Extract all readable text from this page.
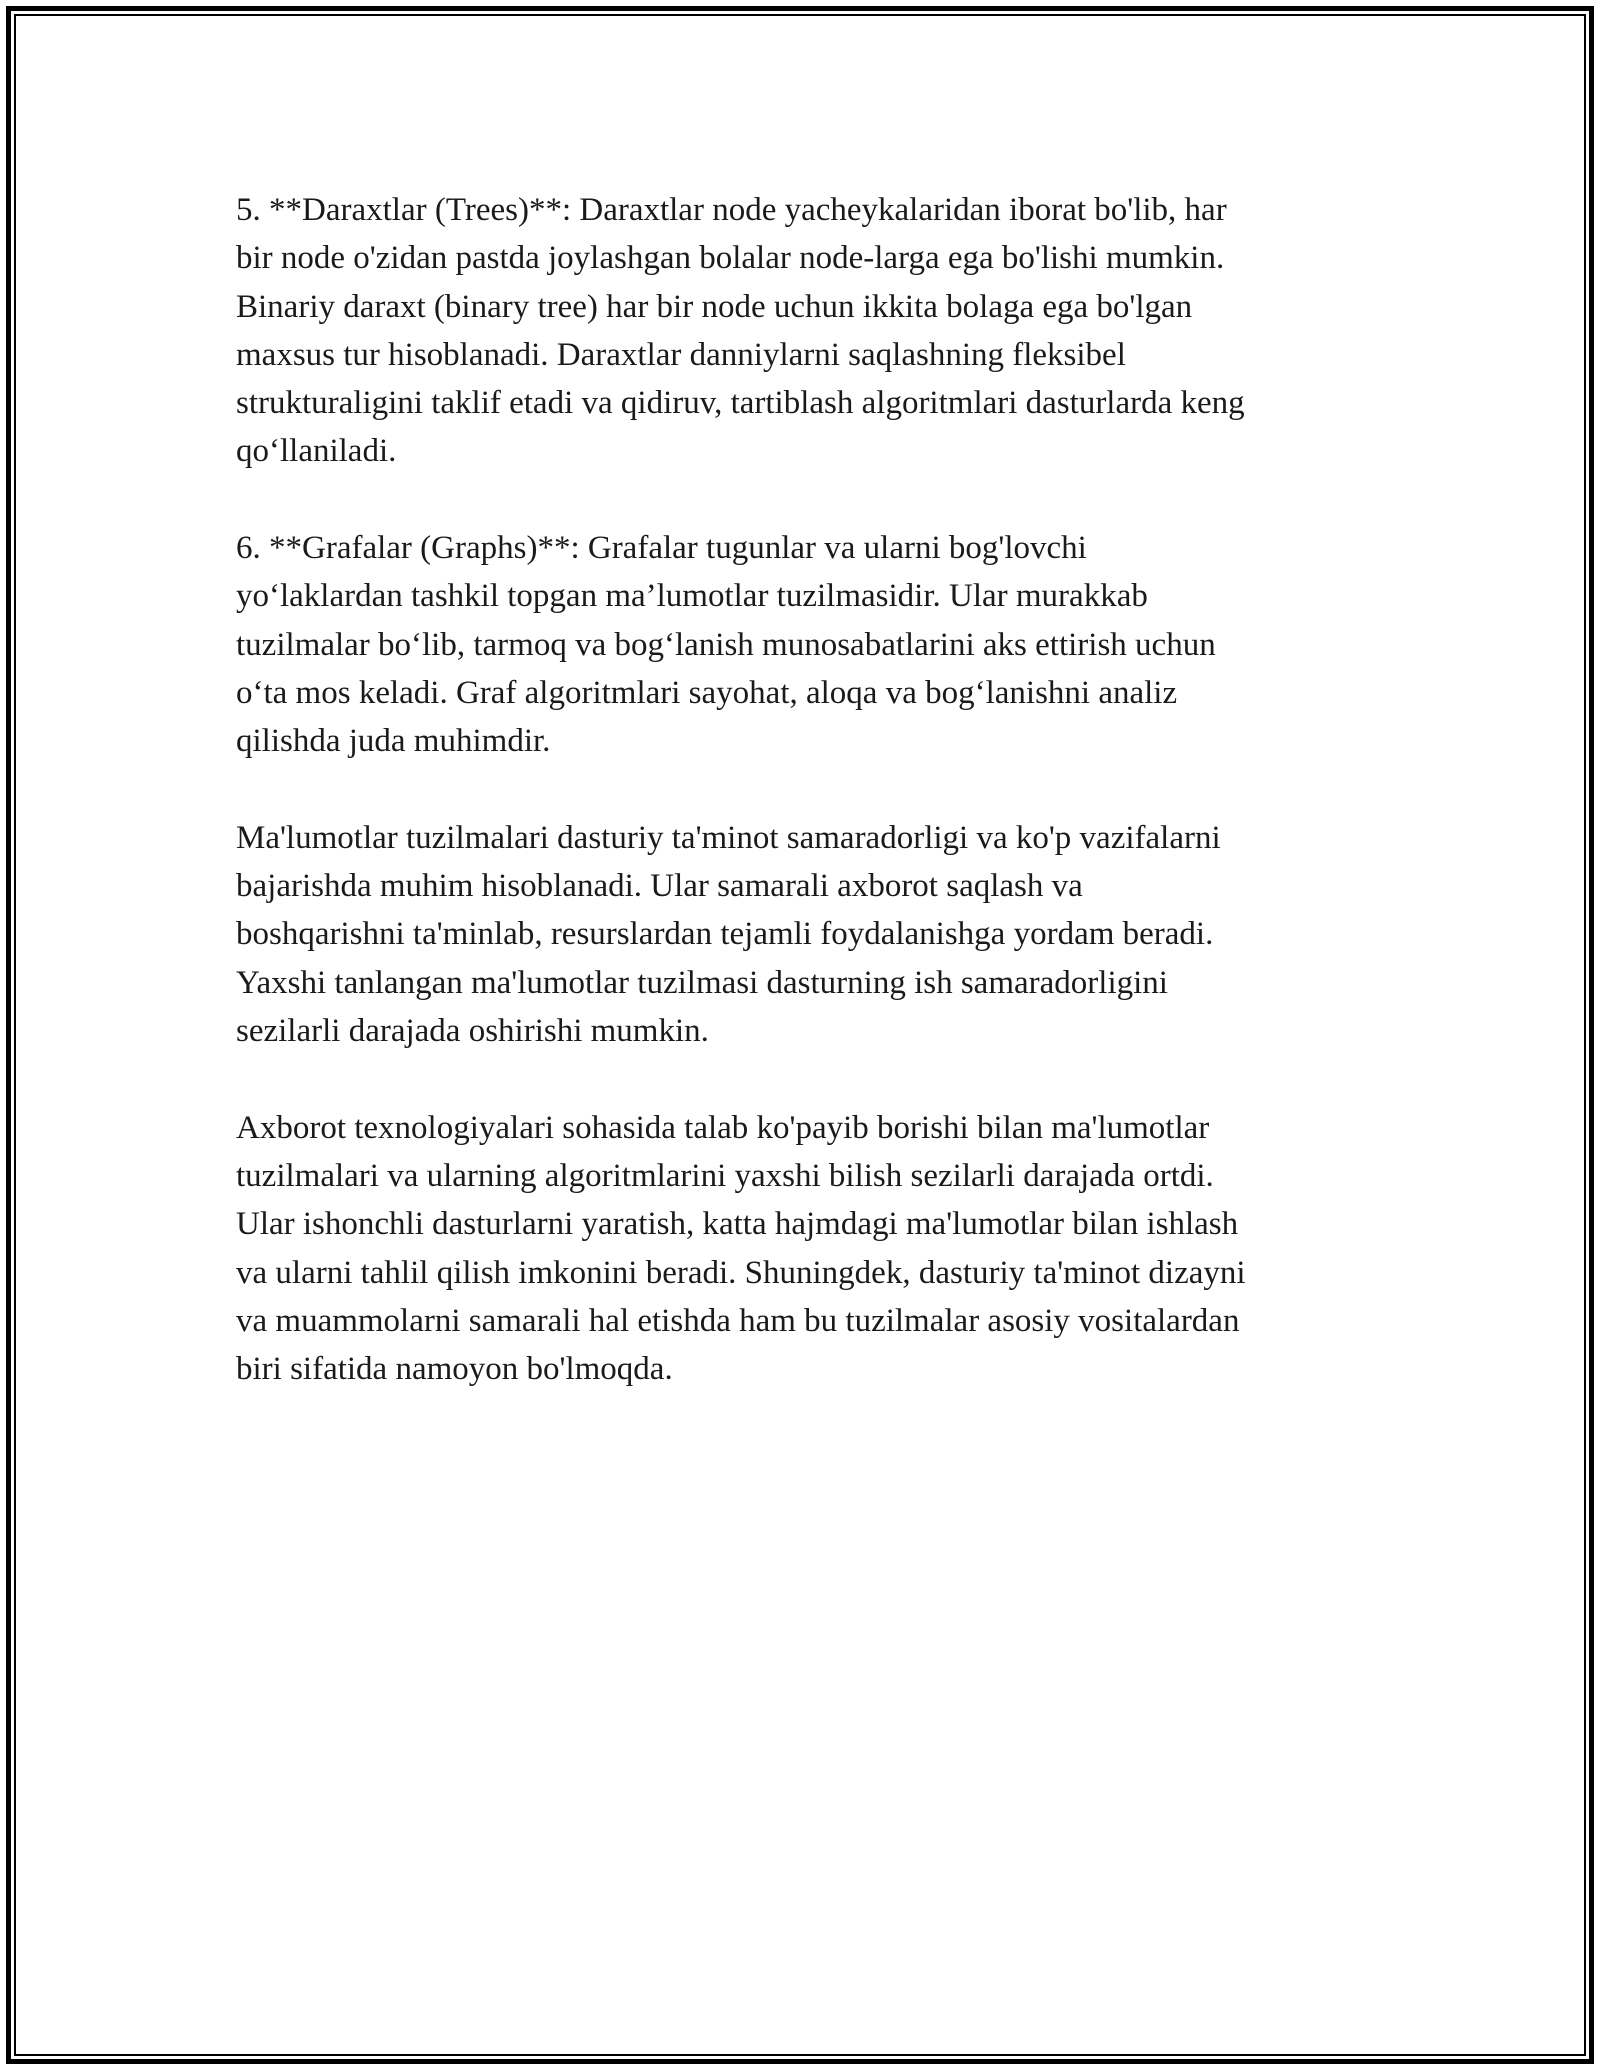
5. **Daraxtlar (Trees)**: Daraxtlar node yacheykalaridan iborat bo'lib, har
bir node o'zidan pastda joylashgan bolalar node-larga ega bo'lishi mumkin.
Binariy daraxt (binary tree) har bir node uchun ikkita bolaga ega bo'lgan
maxsus tur hisoblanadi. Daraxtlar danniylarni saqlashning fleksibel
strukturaligini taklif etadi va qidiruv, tartiblash algoritmlari dasturlarda keng
qo‘llaniladi.

6. **Grafalar (Graphs)**: Grafalar tugunlar va ularni bog'lovchi
yo‘laklardan tashkil topgan ma’lumotlar tuzilmasidir. Ular murakkab
tuzilmalar bo‘lib, tarmoq va bog‘lanish munosabatlarini aks ettirish uchun
o‘ta mos keladi. Graf algoritmlari sayohat, aloqa va bog‘lanishni analiz
qilishda juda muhimdir.

Ma'lumotlar tuzilmalari dasturiy ta'minot samaradorligi va ko'p vazifalarni
bajarishda muhim hisoblanadi. Ular samarali axborot saqlash va
boshqarishni ta'minlab, resurslardan tejamli foydalanishga yordam beradi.
Yaxshi tanlangan ma'lumotlar tuzilmasi dasturning ish samaradorligini
sezilarli darajada oshirishi mumkin.

Axborot texnologiyalari sohasida talab ko'payib borishi bilan ma'lumotlar
tuzilmalari va ularning algoritmlarini yaxshi bilish sezilarli darajada ortdi.
Ular ishonchli dasturlarni yaratish, katta hajmdagi ma'lumotlar bilan ishlash
va ularni tahlil qilish imkonini beradi. Shuningdek, dasturiy ta'minot dizayni
va muammolarni samarali hal etishda ham bu tuzilmalar asosiy vositalardan
biri sifatida namoyon bo'lmoqda.
